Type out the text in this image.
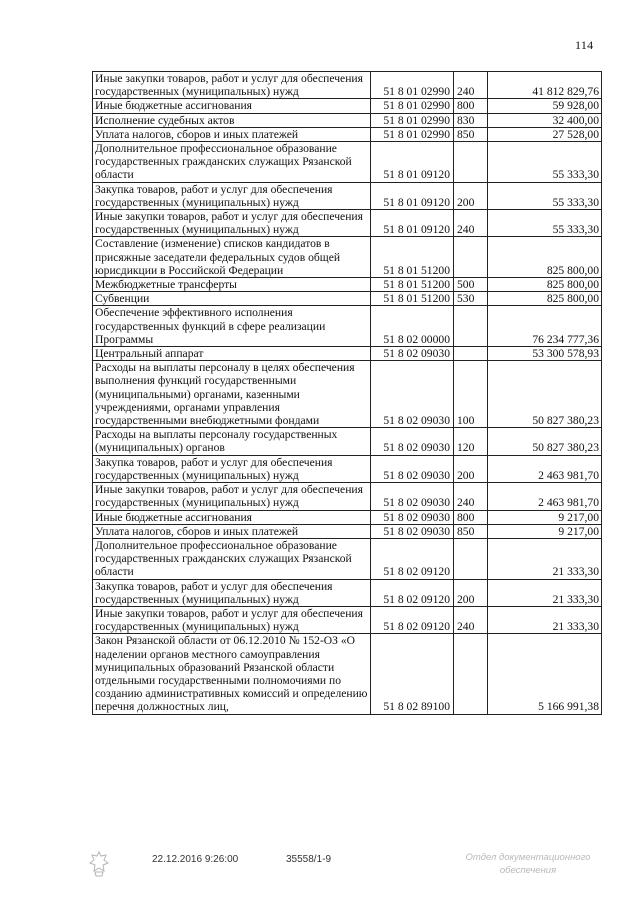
114
Иные закупки товаров, работ и услуг для обеспечения государственных (муниципальных) нужд	51 8 01 02990	240	41 812 829,76
Иные бюджетные ассигнования	51 8 01 02990	800	59 928,00
Исполнение судебных актов	51 8 01 02990	830	32 400,00
Уплата налогов, сборов и иных платежей	51 8 01 02990	850	27 528,00
Дополнительное профессиональное образование государственных гражданских служащих Рязанской области	51 8 01 09120		55 333,30
Закупка товаров, работ и услуг для обеспечения государственных (муниципальных) нужд	51 8 01 09120	200	55 333,30
Иные закупки товаров, работ и услуг для обеспечения государственных (муниципальных) нужд	51 8 01 09120	240	55 333,30
Составление (изменение) списков кандидатов в присяжные заседатели федеральных судов общей юрисдикции в Российской Федерации	51 8 01 51200		825 800,00
Межбюджетные трансферты	51 8 01 51200	500	825 800,00
Субвенции	51 8 01 51200	530	825 800,00
Обеспечение эффективного исполнения государственных функций в сфере реализации Программы	51 8 02 00000		76 234 777,36
Центральный аппарат	51 8 02 09030		53 300 578,93
Расходы на выплаты персоналу в целях обеспечения выполнения функций государственными (муниципальными) органами, казенными учреждениями, органами управления государственными внебюджетными фондами	51 8 02 09030	100	50 827 380,23
Расходы на выплаты персоналу государственных (муниципальных) органов	51 8 02 09030	120	50 827 380,23
Закупка товаров, работ и услуг для обеспечения государственных (муниципальных) нужд	51 8 02 09030	200	2 463 981,70
Иные закупки товаров, работ и услуг для обеспечения государственных (муниципальных) нужд	51 8 02 09030	240	2 463 981,70
Иные бюджетные ассигнования	51 8 02 09030	800	9 217,00
Уплата налогов, сборов и иных платежей	51 8 02 09030	850	9 217,00
Дополнительное профессиональное образование государственных гражданских служащих Рязанской области	51 8 02 09120		21 333,30
Закупка товаров, работ и услуг для обеспечения государственных (муниципальных) нужд	51 8 02 09120	200	21 333,30
Иные закупки товаров, работ и услуг для обеспечения государственных (муниципальных) нужд	51 8 02 09120	240	21 333,30
Закон Рязанской области от 06.12.2010 № 152-ОЗ «О наделении органов местного самоуправления муниципальных образований Рязанской области отдельными государственными полномочиями по созданию административных комиссий и определению перечня должностных лиц,	51 8 02 89100		5 166 991,38
22.12.2016 9:26:00	35558/1-9	Отдел документационного
обеспечения
